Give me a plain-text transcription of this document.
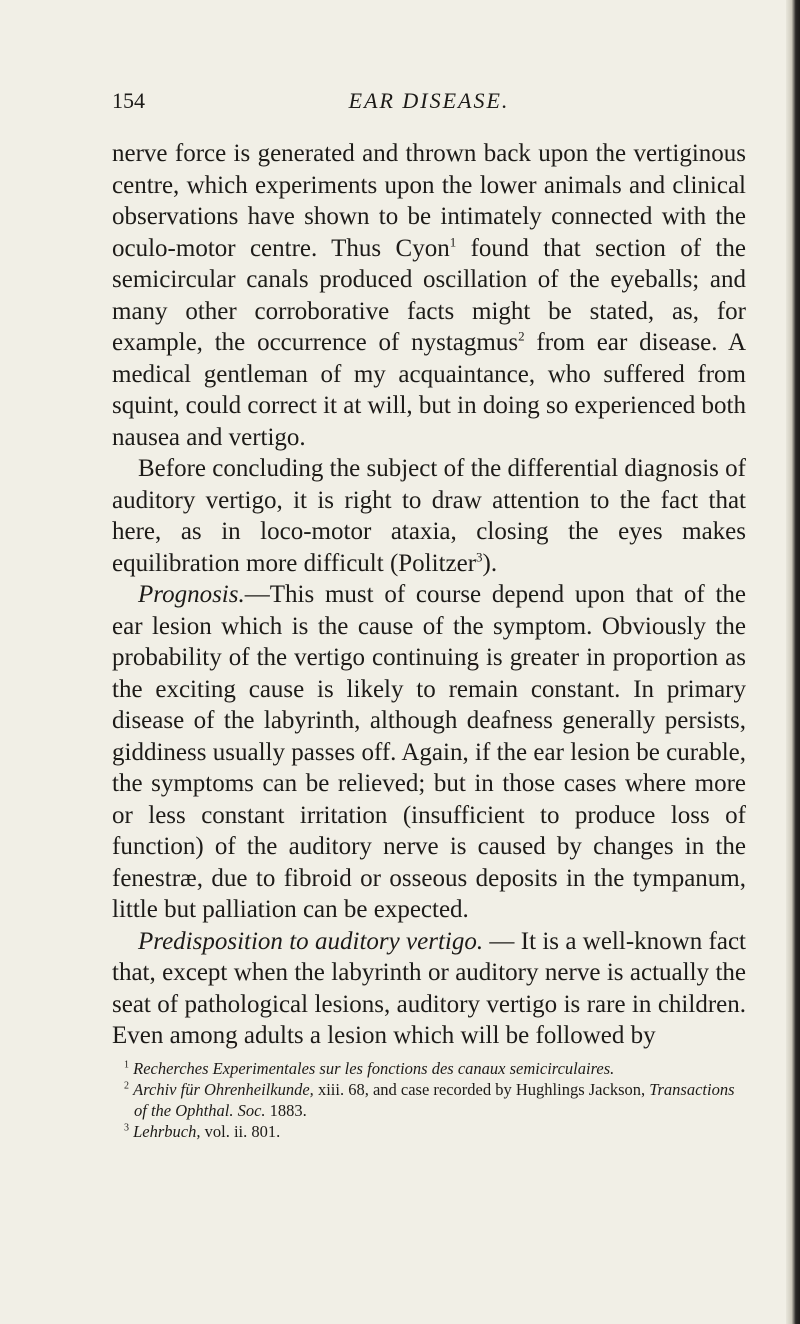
154	EAR DISEASE.

nerve force is generated and thrown back upon the vertiginous centre, which experiments upon the lower animals and clinical observations have shown to be intimately connected with the oculo-motor centre. Thus Cyon$^1$ found that section of the semicircular canals produced oscillation of the eyeballs; and many other corroborative facts might be stated, as, for example, the occurrence of nystagmus$^2$ from ear disease. A medical gentleman of my acquaintance, who suffered from squint, could correct it at will, but in doing so experienced both nausea and vertigo.

Before concluding the subject of the differential diagnosis of auditory vertigo, it is right to draw attention to the fact that here, as in loco-motor ataxia, closing the eyes makes equilibration more difficult (Politzer$^3$).

Prognosis.—This must of course depend upon that of the ear lesion which is the cause of the symptom. Obviously the probability of the vertigo continuing is greater in proportion as the exciting cause is likely to remain constant. In primary disease of the labyrinth, although deafness generally persists, giddiness usually passes off. Again, if the ear lesion be curable, the symptoms can be relieved; but in those cases where more or less constant irritation (insufficient to produce loss of function) of the auditory nerve is caused by changes in the fenestræ, due to fibroid or osseous deposits in the tympanum, little but palliation can be expected.

Predisposition to auditory vertigo. — It is a well-known fact that, except when the labyrinth or auditory nerve is actually the seat of pathological lesions, auditory vertigo is rare in children. Even among adults a lesion which will be followed by

$^1$ Recherches Experimentales sur les fonctions des canaux semicirculaires.

$^2$ Archiv für Ohrenheilkunde, xiii. 68, and case recorded by Hughlings Jackson, Transactions of the Ophthal. Soc. 1883.

$^3$ Lehrbuch, vol. ii. 801.
